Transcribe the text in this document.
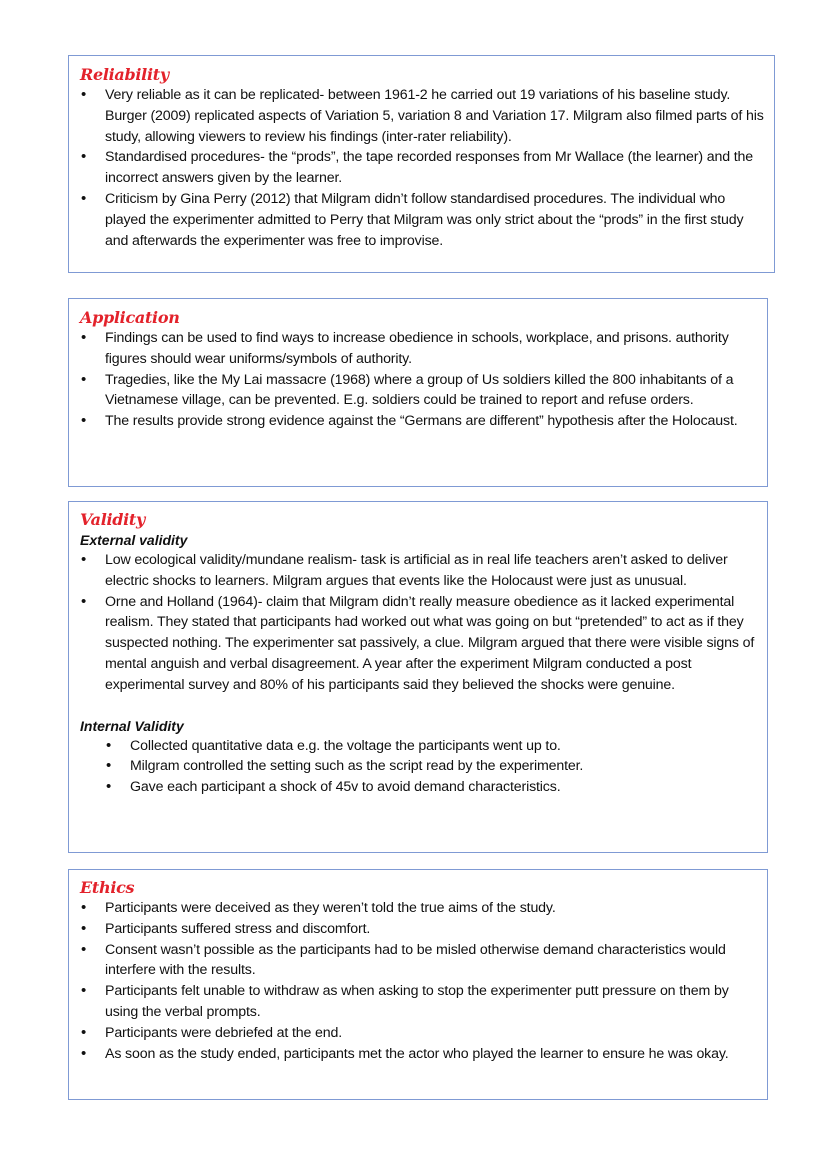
Reliability
• Very reliable as it can be replicated- between 1961-2 he carried out 19 variations of his baseline study. Burger (2009) replicated aspects of Variation 5, variation 8 and Variation 17. Milgram also filmed parts of his study, allowing viewers to review his findings (inter-rater reliability).
• Standardised procedures- the “prods”, the tape recorded responses from Mr Wallace (the learner) and the incorrect answers given by the learner.
• Criticism by Gina Perry (2012) that Milgram didn’t follow standardised procedures. The individual who played the experimenter admitted to Perry that Milgram was only strict about the “prods” in the first study and afterwards the experimenter was free to improvise.
Application
• Findings can be used to find ways to increase obedience in schools, workplace, and prisons. authority figures should wear uniforms/symbols of authority.
• Tragedies, like the My Lai massacre (1968) where a group of Us soldiers killed the 800 inhabitants of a Vietnamese village, can be prevented. E.g. soldiers could be trained to report and refuse orders.
• The results provide strong evidence against the “Germans are different” hypothesis after the Holocaust.
Validity
External validity
• Low ecological validity/mundane realism- task is artificial as in real life teachers aren’t asked to deliver electric shocks to learners. Milgram argues that events like the Holocaust were just as unusual.
• Orne and Holland (1964)- claim that Milgram didn’t really measure obedience as it lacked experimental realism. They stated that participants had worked out what was going on but “pretended” to act as if they suspected nothing. The experimenter sat passively, a clue. Milgram argued that there were visible signs of mental anguish and verbal disagreement. A year after the experiment Milgram conducted a post experimental survey and 80% of his participants said they believed the shocks were genuine.
Internal Validity
• Collected quantitative data e.g. the voltage the participants went up to.
• Milgram controlled the setting such as the script read by the experimenter.
• Gave each participant a shock of 45v to avoid demand characteristics.
Ethics
• Participants were deceived as they weren’t told the true aims of the study.
• Participants suffered stress and discomfort.
• Consent wasn’t possible as the participants had to be misled otherwise demand characteristics would interfere with the results.
• Participants felt unable to withdraw as when asking to stop the experimenter putt pressure on them by using the verbal prompts.
• Participants were debriefed at the end.
• As soon as the study ended, participants met the actor who played the learner to ensure he was okay.
